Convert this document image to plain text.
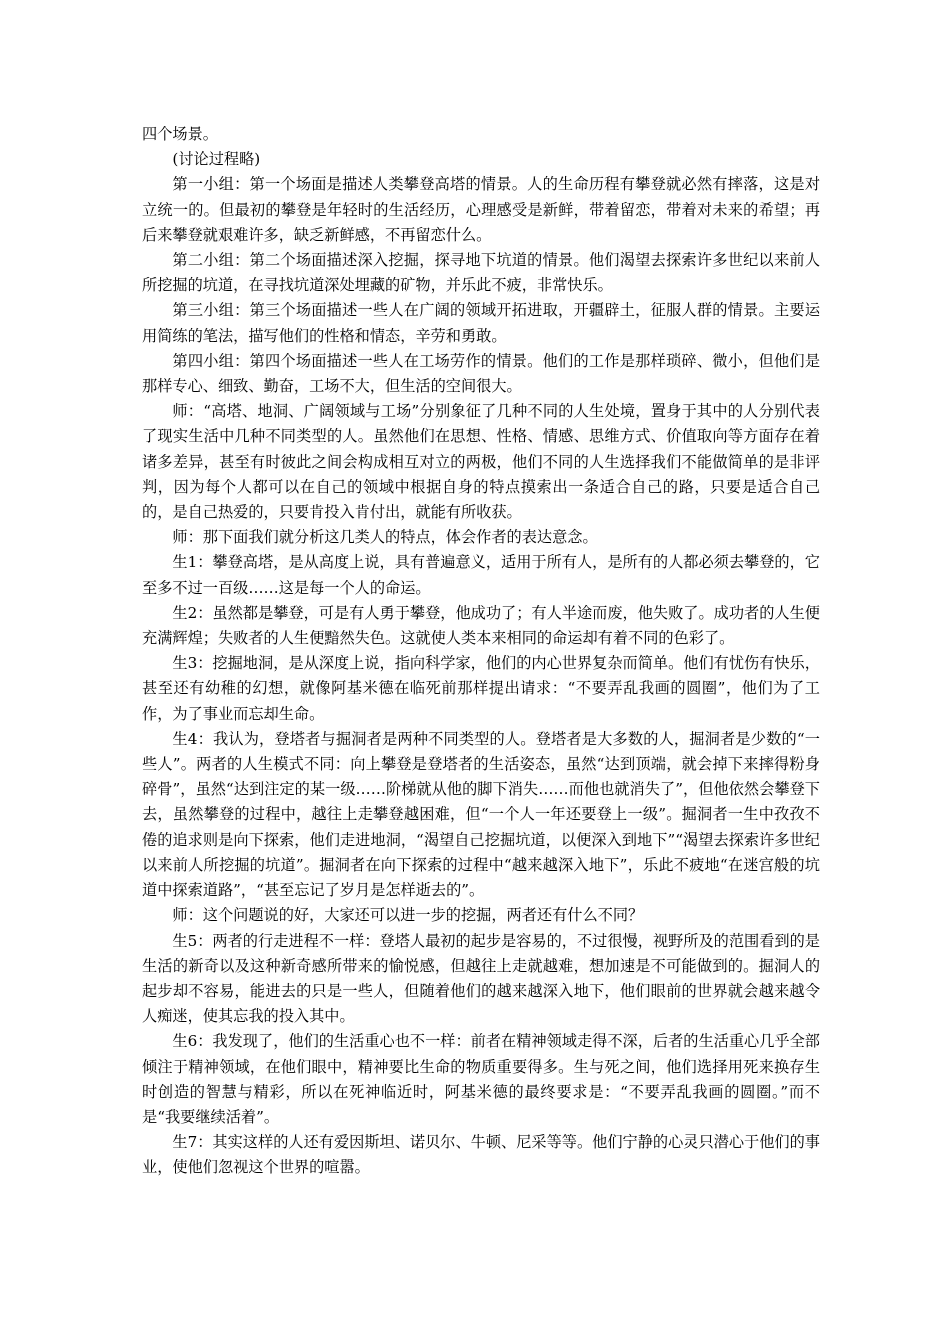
四个场景。

(讨论过程略)

第一小组：第一个场面是描述人类攀登高塔的情景。人的生命历程有攀登就必然有摔落，这是对立统一的。但最初的攀登是年轻时的生活经历，心理感受是新鲜，带着留恋，带着对未来的希望；再后来攀登就艰难许多，缺乏新鲜感，不再留恋什么。

第二小组：第二个场面描述深入挖掘，探寻地下坑道的情景。他们渴望去探索许多世纪以来前人所挖掘的坑道，在寻找坑道深处埋藏的矿物，并乐此不疲，非常快乐。

第三小组：第三个场面描述一些人在广阔的领域开拓进取，开疆辟土，征服人群的情景。主要运用简练的笔法，描写他们的性格和情态，辛劳和勇敢。

第四小组：第四个场面描述一些人在工场劳作的情景。他们的工作是那样琐碎、微小，但他们是那样专心、细致、勤奋，工场不大，但生活的空间很大。

师：“高塔、地洞、广阔领域与工场”分别象征了几种不同的人生处境，置身于其中的人分别代表了现实生活中几种不同类型的人。虽然他们在思想、性格、情感、思维方式、价值取向等方面存在着诸多差异，甚至有时彼此之间会构成相互对立的两极，他们不同的人生选择我们不能做简单的是非评判，因为每个人都可以在自己的领域中根据自身的特点摸索出一条适合自己的路，只要是适合自己的，是自己热爱的，只要肯投入肯付出，就能有所收获。

师：那下面我们就分析这几类人的特点，体会作者的表达意念。

生1：攀登高塔，是从高度上说，具有普遍意义，适用于所有人，是所有的人都必须去攀登的，它至多不过一百级……这是每一个人的命运。

生2：虽然都是攀登，可是有人勇于攀登，他成功了；有人半途而废，他失败了。成功者的人生便充满辉煌；失败者的人生便黯然失色。这就使人类本来相同的命运却有着不同的色彩了。

生3：挖掘地洞，是从深度上说，指向科学家，他们的内心世界复杂而简单。他们有忧伤有快乐，甚至还有幼稚的幻想，就像阿基米德在临死前那样提出请求：“不要弄乱我画的圆圈”，他们为了工作，为了事业而忘却生命。

生4：我认为，登塔者与掘洞者是两种不同类型的人。登塔者是大多数的人，掘洞者是少数的“一些人”。两者的人生模式不同：向上攀登是登塔者的生活姿态，虽然“达到顶端，就会掉下来摔得粉身碎骨”，虽然“达到注定的某一级……阶梯就从他的脚下消失……而他也就消失了”，但他依然会攀登下去，虽然攀登的过程中，越往上走攀登越困难，但“一个人一年还要登上一级”。掘洞者一生中孜孜不倦的追求则是向下探索，他们走进地洞，“渴望自己挖掘坑道，以便深入到地下”“渴望去探索许多世纪以来前人所挖掘的坑道”。掘洞者在向下探索的过程中“越来越深入地下”，乐此不疲地“在迷宫般的坑道中探索道路”，“甚至忘记了岁月是怎样逝去的”。

师：这个问题说的好，大家还可以进一步的挖掘，两者还有什么不同？

生5：两者的行走进程不一样：登塔人最初的起步是容易的，不过很慢，视野所及的范围看到的是生活的新奇以及这种新奇感所带来的愉悦感，但越往上走就越难，想加速是不可能做到的。掘洞人的起步却不容易，能进去的只是一些人，但随着他们的越来越深入地下，他们眼前的世界就会越来越令人痴迷，使其忘我的投入其中。

生6：我发现了，他们的生活重心也不一样：前者在精神领域走得不深，后者的生活重心几乎全部倾注于精神领域，在他们眼中，精神要比生命的物质重要得多。生与死之间，他们选择用死来换存生时创造的智慧与精彩，所以在死神临近时，阿基米德的最终要求是：“不要弄乱我画的圆圈。”而不是“我要继续活着”。

生7：其实这样的人还有爱因斯坦、诺贝尔、牛顿、尼采等等。他们宁静的心灵只潜心于他们的事业，使他们忽视这个世界的喧嚣。
